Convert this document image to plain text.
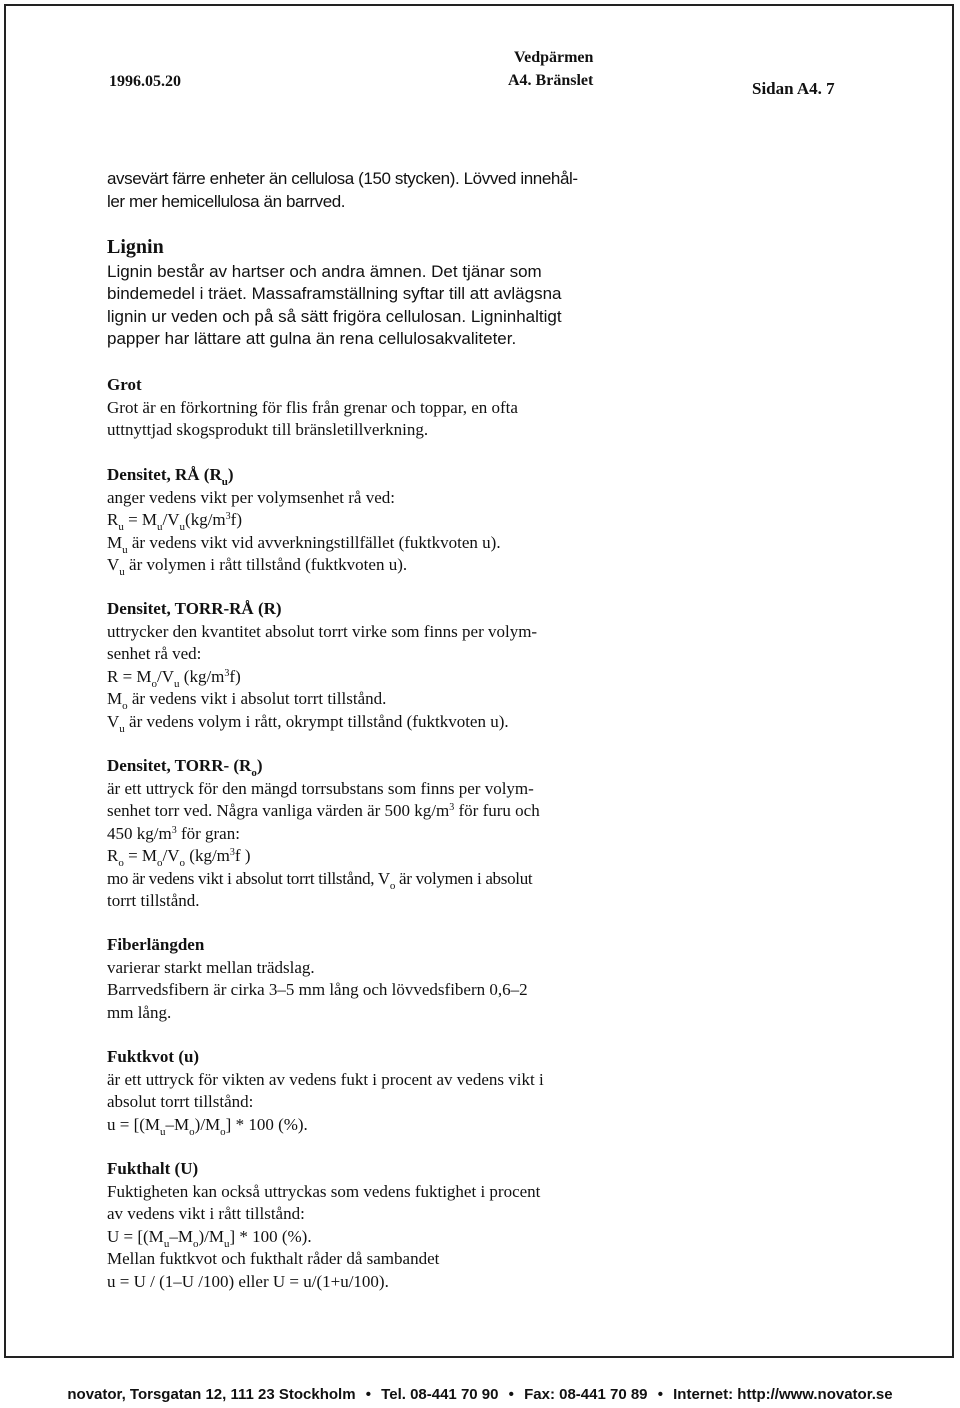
1996.05.20
Vedpärmen
A4. Bränslet	Sidan A4. 7

avsevärt färre enheter än cellulosa (150 stycken). Lövved innehål-

ler mer hemicellulosa än barrved.

Lignin

Lignin består av hartser och andra ämnen. Det tjänar som

bindemedel i träet. Massaframställning syftar till att avlägsna

lignin ur veden och på så sätt frigöra cellulosan. Ligninhaltigt

papper har lättare att gulna än rena cellulosakvaliteter.

Grot

Grot är en förkortning för flis från grenar och toppar, en ofta

uttnyttjad skogsprodukt till bränsletillverkning.

Densitet, RÅ $(R_u)$

anger vedens vikt per volymsenhet rå ved:

$R_u = M_u/V_u(kg/m^3f)$

$M_u$ är vedens vikt vid avverkningstillfället (fuktkvoten u).

$V_u$ är volymen i rått tillstånd (fuktkvoten u).

Densitet, TORR-RÅ (R)

uttrycker den kvantitet absolut torrt virke som finns per volym-

senhet rå ved:

$R = M_o/V_u$ $(kg/m^3f)$

$M_o$ är vedens vikt i absolut torrt tillstånd.

$V_u$ är vedens volym i rått, okrympt tillstånd (fuktkvoten u).

Densitet, TORR- $(R_o)$

är ett uttryck för den mängd torrsubstans som finns per volym-

senhet torr ved. Några vanliga värden är 500 $kg/m^3$ för furu och

450 $kg/m^3$ för gran:

$R_o = M_o/V_o$ ($kg/m^3f$ )

mo är vedens vikt i absolut torrt tillstånd, $V_o$ är volymen i absolut

torrt tillstånd.

Fiberlängden

varierar starkt mellan trädslag.

Barrvedsfibern är cirka 3–5 mm lång och lövvedsfibern 0,6–2

mm lång.

Fuktkvot (u)

är ett uttryck för vikten av vedens fukt i procent av vedens vikt i

absolut torrt tillstånd:

$u = [(M_u-M_o)/M_o] * 100$ (%).

Fukthalt (U)

Fuktigheten kan också uttryckas som vedens fuktighet i procent

av vedens vikt i rått tillstånd:

$U = [(M_u-M_o)/M_u] * 100$ (%).

Mellan fuktkvot och fukthalt råder då sambandet

u = U / (1–U /100) eller U = u/(1+u/100).

novator, Torsgatan 12, 111 23 Stockholm • Tel. 08-441 70 90 • Fax: 08-441 70 89 • Internet: http://www.novator.se
